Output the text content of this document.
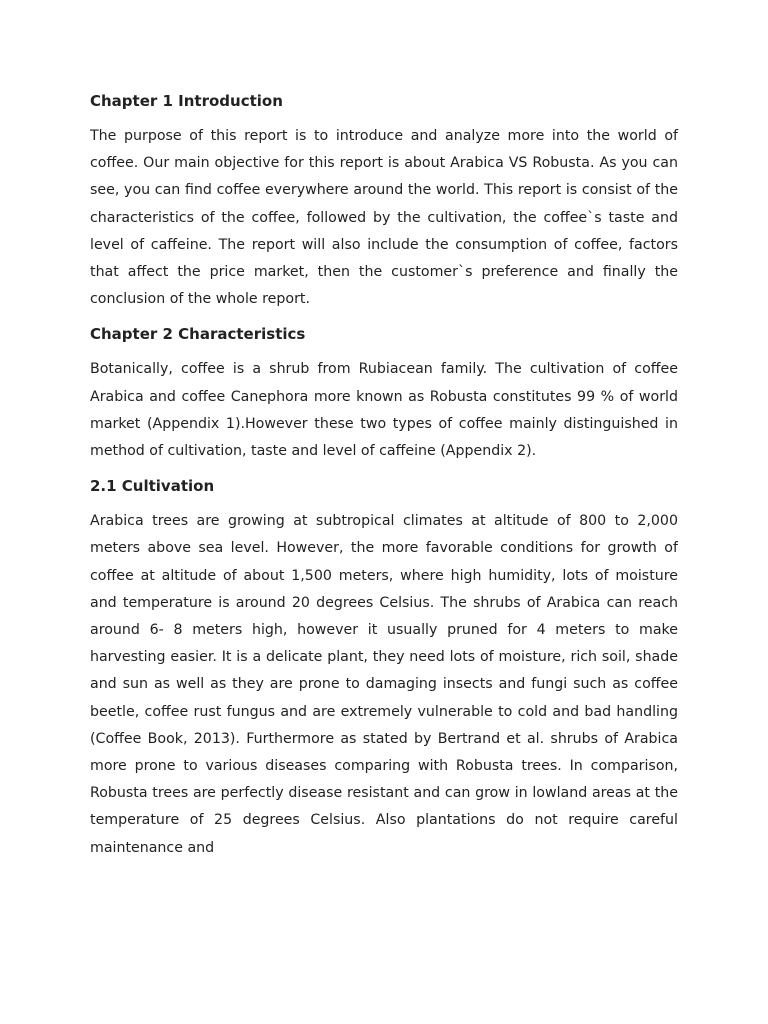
Chapter 1 Introduction

The purpose of this report is to introduce and analyze more into the world of coffee. Our main objective for this report is about Arabica VS Robusta. As you can see, you can find coffee everywhere around the world. This report is consist of the characteristics of the coffee, followed by the cultivation, the coffee`s taste and level of caffeine. The report will also include the consumption of coffee, factors that affect the price market, then the customer`s preference and finally the conclusion of the whole report.

Chapter 2 Characteristics

Botanically, coffee is a shrub from Rubiacean family. The cultivation of coffee Arabica and coffee Canephora more known as Robusta constitutes 99 % of world market (Appendix 1).However these two types of coffee mainly distinguished in method of cultivation, taste and level of caffeine (Appendix 2).

2.1 Cultivation

Arabica trees are growing at subtropical climates at altitude of 800 to 2,000 meters above sea level. However, the more favorable conditions for growth of coffee at altitude of about 1,500 meters, where high humidity, lots of moisture and temperature is around 20 degrees Celsius. The shrubs of Arabica can reach around 6- 8 meters high, however it usually pruned for 4 meters to make harvesting easier. It is a delicate plant, they need lots of moisture, rich soil, shade and sun as well as they are prone to damaging insects and fungi such as coffee beetle, coffee rust fungus and are extremely vulnerable to cold and bad handling (Coffee Book, 2013). Furthermore as stated by Bertrand et al. shrubs of Arabica more prone to various diseases comparing with Robusta trees. In comparison, Robusta trees are perfectly disease resistant and can grow in lowland areas at the temperature of 25 degrees Celsius. Also plantations do not require careful maintenance and
